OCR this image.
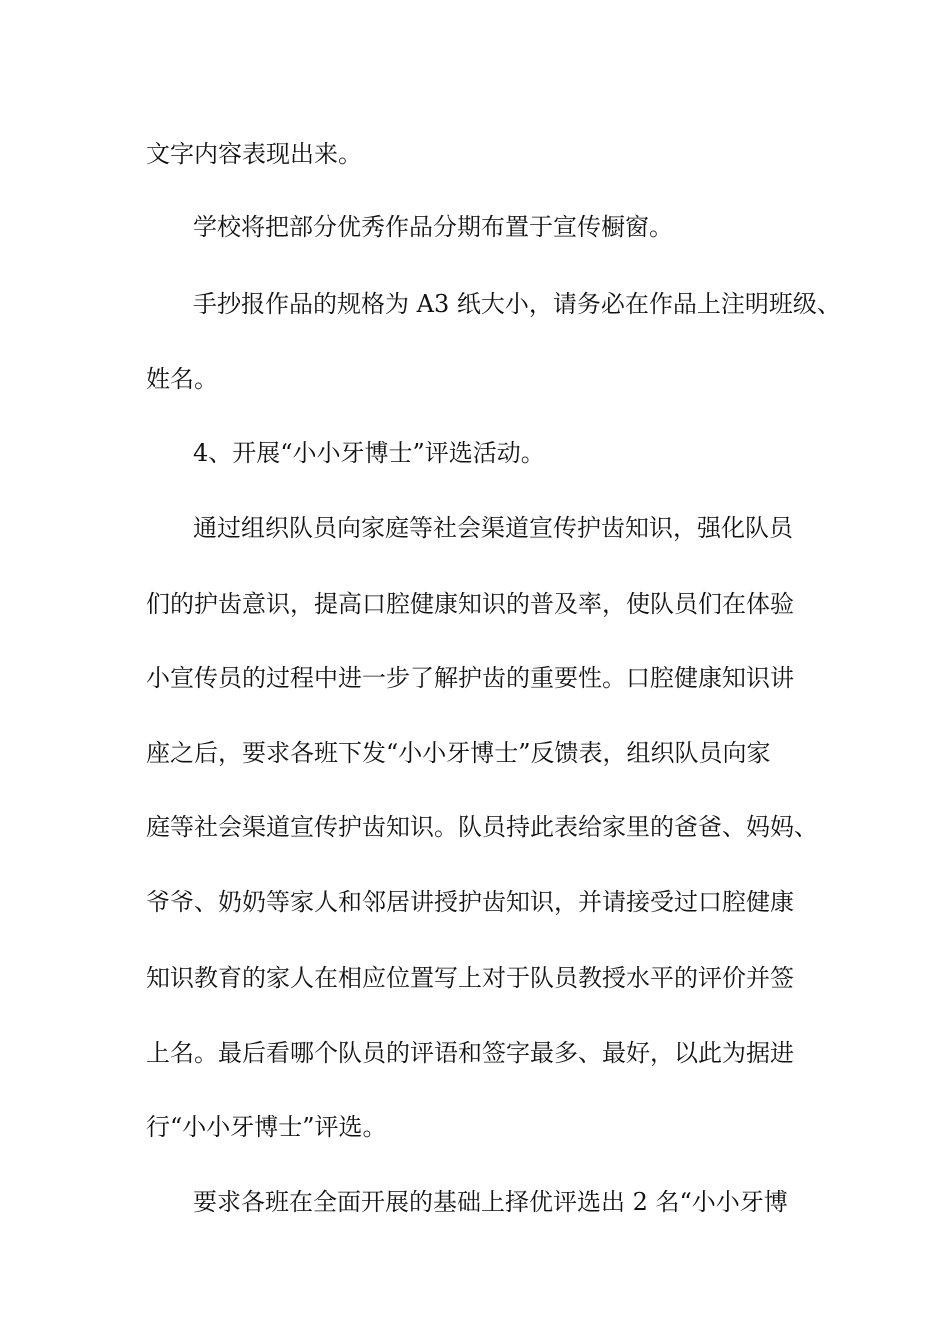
文字内容表现出来。
学校将把部分优秀作品分期布置于宣传橱窗。
手抄报作品的规格为 A3 纸大小，请务必在作品上注明班级、
姓名。
4、开展“小小牙博士”评选活动。
通过组织队员向家庭等社会渠道宣传护齿知识，强化队员
们的护齿意识，提高口腔健康知识的普及率，使队员们在体验
小宣传员的过程中进一步了解护齿的重要性。口腔健康知识讲
座之后，要求各班下发“小小牙博士”反馈表，组织队员向家
庭等社会渠道宣传护齿知识。队员持此表给家里的爸爸、妈妈、
爷爷、奶奶等家人和邻居讲授护齿知识，并请接受过口腔健康
知识教育的家人在相应位置写上对于队员教授水平的评价并签
上名。最后看哪个队员的评语和签字最多、最好，以此为据进
行“小小牙博士”评选。
要求各班在全面开展的基础上择优评选出 2 名“小小牙博
